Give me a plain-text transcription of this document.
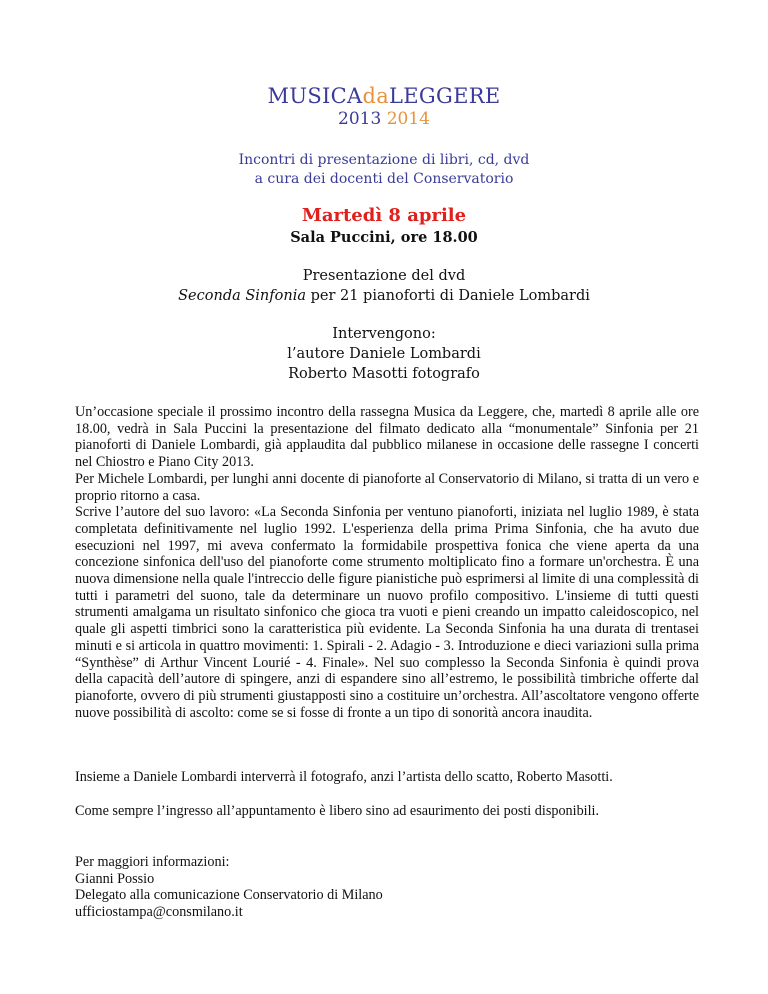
MUSICAdaLEGGERE
2013 2014
Incontri di presentazione di libri, cd, dvd
a cura dei docenti del Conservatorio
Martedì 8 aprile
Sala Puccini, ore 18.00
Presentazione del dvd
Seconda Sinfonia per 21 pianoforti di Daniele Lombardi
Intervengono:
l’autore Daniele Lombardi
Roberto Masotti fotografo

Un’occasione speciale il prossimo incontro della rassegna Musica da Leggere, che, martedì 8 aprile alle ore 18.00, vedrà in Sala Puccini la presentazione del filmato dedicato alla “monumentale” Sinfonia per 21 pianoforti di Daniele Lombardi, già applaudita dal pubblico milanese in occasione delle rassegne I concerti nel Chiostro e Piano City 2013.

Per Michele Lombardi, per lunghi anni docente di pianoforte al Conservatorio di Milano, si tratta di un vero e proprio ritorno a casa.

Scrive l’autore del suo lavoro: «La Seconda Sinfonia per ventuno pianoforti, iniziata nel luglio 1989, è stata completata definitivamente nel luglio 1992. L'esperienza della prima Prima Sinfonia, che ha avuto due esecuzioni nel 1997, mi aveva confermato la formidabile prospettiva fonica che viene aperta da una concezione sinfonica dell'uso del pianoforte come strumento moltiplicato fino a formare un'orchestra. È una nuova dimensione nella quale l'intreccio delle figure pianistiche può esprimersi al limite di una complessità di tutti i parametri del suono, tale da determinare un nuovo profilo compositivo. L'insieme di tutti questi strumenti amalgama un risultato sinfonico che gioca tra vuoti e pieni creando un impatto caleidoscopico, nel quale gli aspetti timbrici sono la caratteristica più evidente. La Seconda Sinfonia ha una durata di trentasei minuti e si articola in quattro movimenti: 1. Spirali - 2. Adagio - 3. Introduzione e dieci variazioni sulla prima “Synthèse” di Arthur Vincent Lourié - 4. Finale». Nel suo complesso la Seconda Sinfonia è quindi prova della capacità dell’autore di spingere, anzi di espandere sino all’estremo, le possibilità timbriche offerte dal pianoforte, ovvero di più strumenti giustapposti sino a costituire un’orchestra. All’ascoltatore vengono offerte nuove possibilità di ascolto: come se si fosse di fronte a un tipo di sonorità ancora inaudita.

Insieme a Daniele Lombardi interverrà il fotografo, anzi l’artista dello scatto, Roberto Masotti.
Come sempre l’ingresso all’appuntamento è libero sino ad esaurimento dei posti disponibili.
Per maggiori informazioni:
Gianni Possio
Delegato alla comunicazione Conservatorio di Milano
ufficiostampa@consmilano.it
